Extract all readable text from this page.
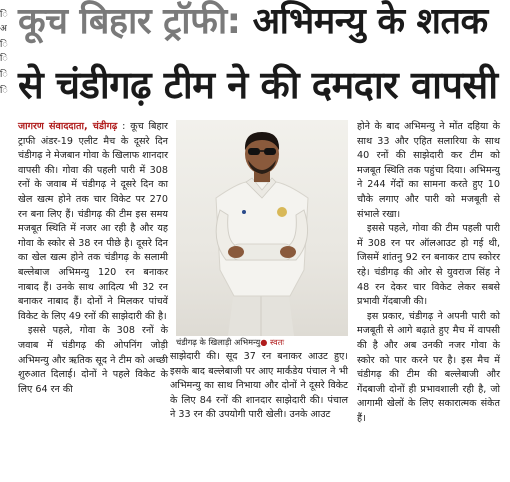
ि
अ
ि
ि
ि
ि
कूच बिहार ट्रॉफी: अभिमन्यु के शतक
से चंडीगढ़ टीम ने की दमदार वापसी

जागरण संवाददाता, चंडीगढ़ : कूच बिहार ट्राफी अंडर-19 एलीट मैच के दूसरे दिन चंडीगढ़ ने मेजबान गोवा के खिलाफ शानदार वापसी की। गोवा की पहली पारी में 308 रनों के जवाब में चंडीगढ़ ने दूसरे दिन का खेल खत्म होने तक चार विकेट पर 270 रन बना लिए हैं। चंडीगढ़ की टीम इस समय मजबूत स्थिति में नजर आ रही है और यह गोवा के स्कोर से 38 रन पीछे है। दूसरे दिन का खेल खत्म होने तक चंडीगढ़ के सलामी बल्लेबाज अभिमन्यु 120 रन बनाकर नाबाद हैं। उनके साथ आदित्य भी 32 रन बनाकर नाबाद हैं। दोनों ने मिलकर पांचवें विकेट के लिए 49 रनों की साझेदारी की है।

इससे पहले, गोवा के 308 रनों के जवाब में चंडीगढ़ की ओपनिंग जोड़ी अभिमन्यु और ऋतिक सूद ने टीम को अच्छी शुरुआत दिलाई। दोनों ने पहले विकेट के लिए 64 रन की

चंडीगढ़ के खिलाड़ी अभिमन्यु● स्वतः

साझेदारी की। सूद 37 रन बनाकर आउट हुए। इसके बाद बल्लेबाजी पर आए मार्कंडेय पंचाल ने भी अभिमन्यु का साथ निभाया और दोनों ने दूसरे विकेट के लिए 84 रनों की शानदार साझेदारी की। पंचाल ने 33 रन की उपयोगी पारी खेली। उनके आउट

होने के बाद अभिमन्यु ने मोंत दहिया के साथ 33 और एहित सलारिया के साथ 40 रनों की साझेदारी कर टीम को मजबूत स्थिति तक पहुंचा दिया। अभिमन्यु ने 244 गेंदों का सामना करते हुए 10 चौके लगाए और पारी को मजबूती से संभाले रखा।

इससे पहले, गोवा की टीम पहली पारी में 308 रन पर ऑलआउट हो गई थी, जिसमें शांतनु 92 रन बनाकर टाप स्कोरर रहे। चंडीगढ़ की ओर से युवराज सिंह ने 48 रन देकर चार विकेट लेकर सबसे प्रभावी गेंदबाजी की।

इस प्रकार, चंडीगढ़ ने अपनी पारी को मजबूती से आगे बढ़ाते हुए मैच में वापसी की है और अब उनकी नजर गोवा के स्कोर को पार करने पर है। इस मैच में चंडीगढ़ की टीम की बल्लेबाजी और गेंदबाजी दोनों ही प्रभावशाली रही है, जो आगामी खेलों के लिए सकारात्मक संकेत हैं।
